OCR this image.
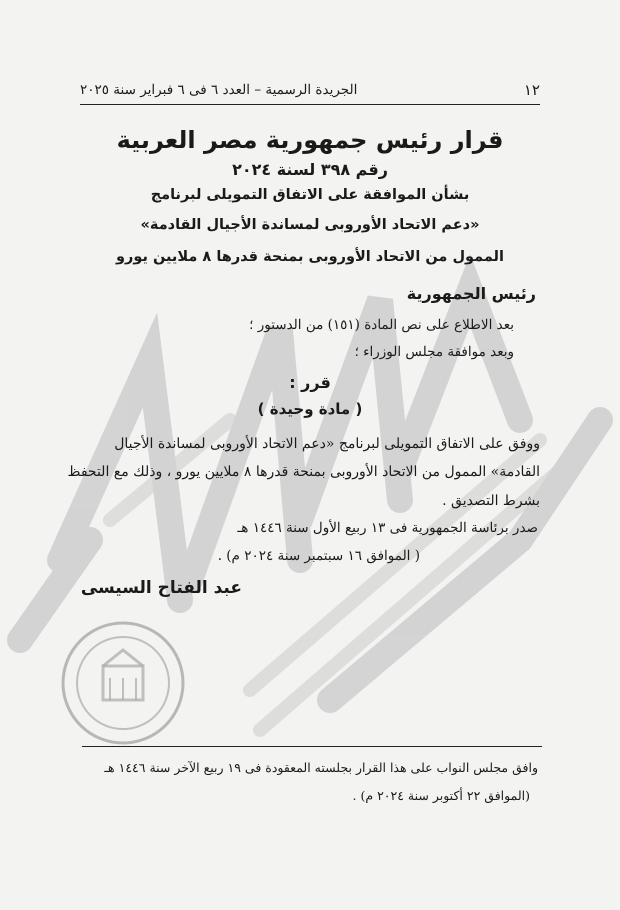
١٢
الجريدة الرسمية – العدد ٦ فى ٦ فبراير سنة ٢٠٢٥
قرار رئيس جمهورية مصر العربية
رقم ٣٩٨ لسنة ٢٠٢٤
بشأن الموافقة على الاتفاق التمويلى لبرنامج
«دعم الاتحاد الأوروبى لمساندة الأجيال القادمة»
الممول من الاتحاد الأوروبى بمنحة قدرها ٨ ملايين يورو
رئيس الجمهورية
بعد الاطلاع على نص المادة (١٥١) من الدستور ؛
وبعد موافقة مجلس الوزراء ؛
قرر :
( مادة وحيدة )
ووفق على الاتفاق التمويلى لبرنامج «دعم الاتحاد الأوروبى لمساندة الأجيال
القادمة» الممول من الاتحاد الأوروبى بمنحة قدرها ٨ ملايين يورو ، وذلك مع التحفظ
بشرط التصديق .
صدر برئاسة الجمهورية فى ١٣ ربيع الأول سنة ١٤٤٦ هـ
( الموافق ١٦ سبتمبر سنة ٢٠٢٤ م) .
عبد الفتاح السيسى
وافق مجلس النواب على هذا القرار بجلسته المعقودة فى ١٩ ربيع الآخر سنة ١٤٤٦ هـ
(الموافق ٢٢ أكتوبر سنة ٢٠٢٤ م) .
